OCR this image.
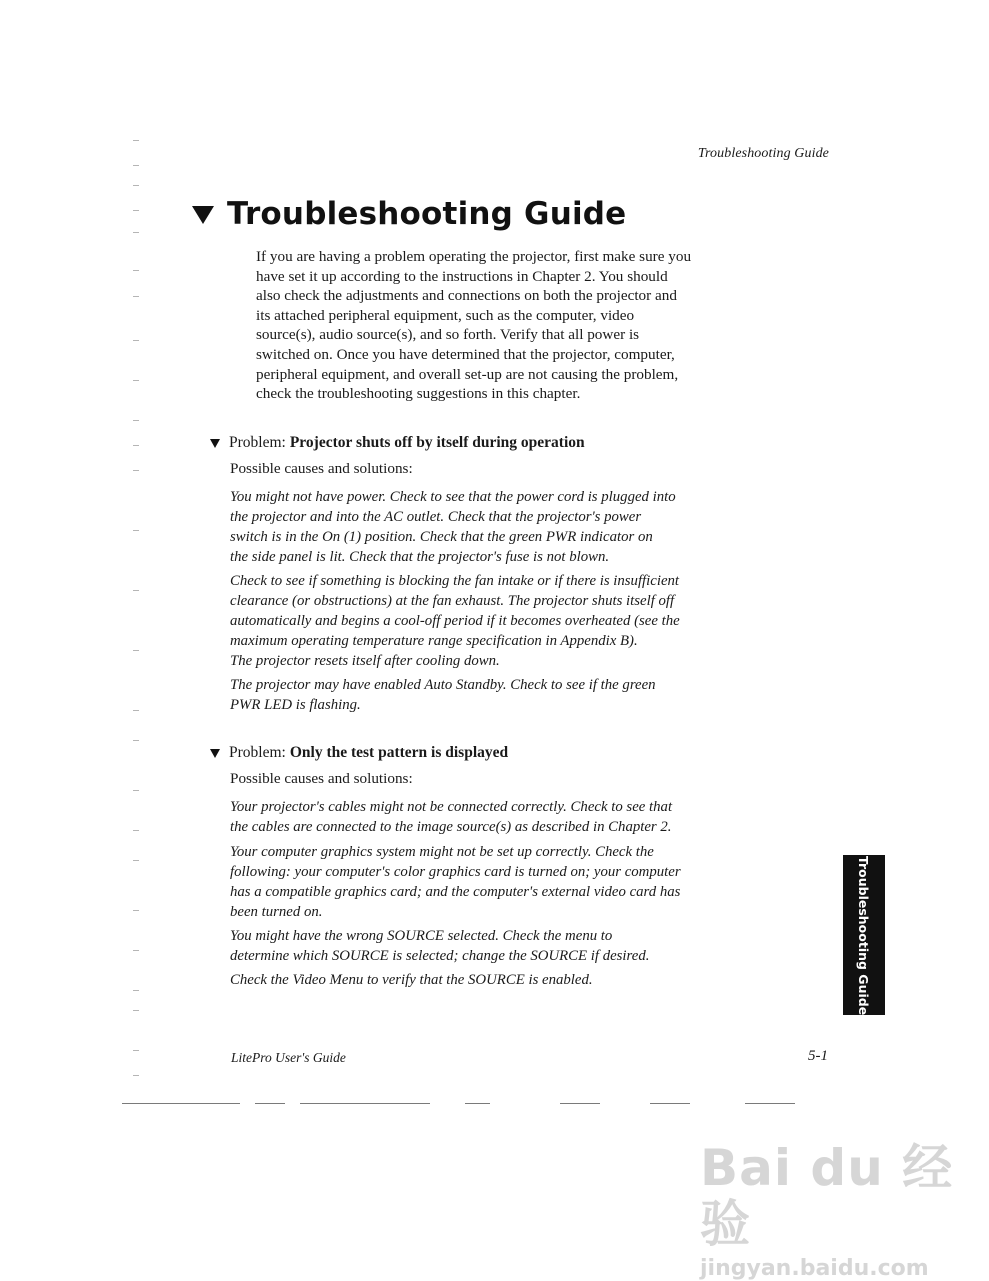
Troubleshooting Guide
Troubleshooting Guide
If you are having a problem operating the projector, first make sure you
have set it up according to the instructions in Chapter 2. You should
also check the adjustments and connections on both the projector and
its attached peripheral equipment, such as the computer, video
source(s), audio source(s), and so forth. Verify that all power is
switched on. Once you have determined that the projector, computer,
peripheral equipment, and overall set-up are not causing the problem,
check the troubleshooting suggestions in this chapter.
Problem: Projector shuts off by itself during operation
Possible causes and solutions:
You might not have power. Check to see that the power cord is plugged into
the projector and into the AC outlet. Check that the projector's power
switch is in the On (1) position. Check that the green PWR indicator on
the side panel is lit. Check that the projector's fuse is not blown.
Check to see if something is blocking the fan intake or if there is insufficient
clearance (or obstructions) at the fan exhaust. The projector shuts itself off
automatically and begins a cool-off period if it becomes overheated (see the
maximum operating temperature range specification in Appendix B).
The projector resets itself after cooling down.
The projector may have enabled Auto Standby. Check to see if the green
PWR LED is flashing.
Problem: Only the test pattern is displayed
Possible causes and solutions:
Your projector's cables might not be connected correctly. Check to see that
the cables are connected to the image source(s) as described in Chapter 2.
Your computer graphics system might not be set up correctly. Check the
following: your computer's color graphics card is turned on; your computer
has a compatible graphics card; and the computer's external video card has
been turned on.
You might have the wrong SOURCE selected. Check the menu to
determine which SOURCE is selected; change the SOURCE if desired.
Check the Video Menu to verify that the SOURCE is enabled.	Troubleshooting Guide
LitePro User's Guide	5-1
Bai du 经验
jingyan.baidu.com
